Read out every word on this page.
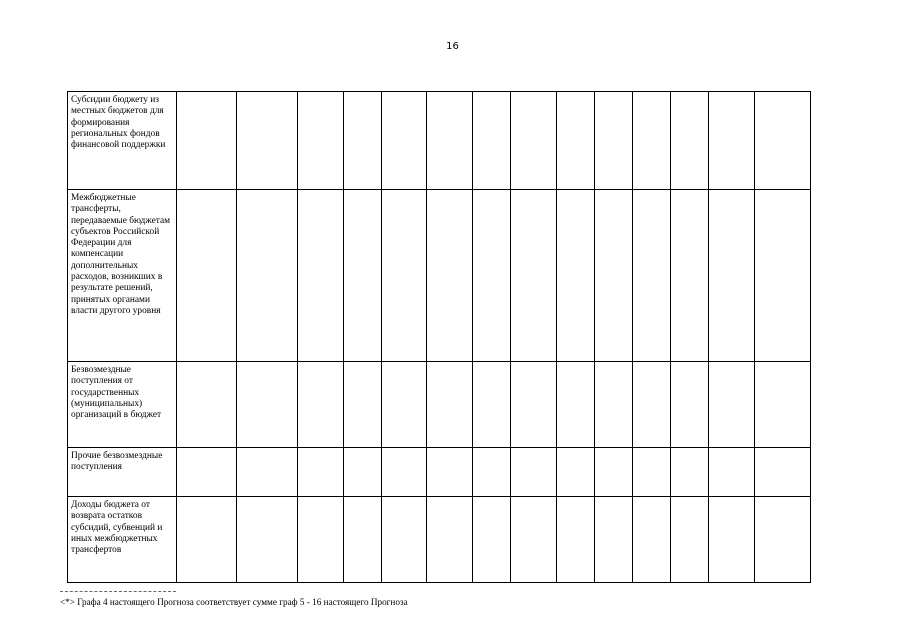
16
Субсидии бюджету из местных бюджетов для формирования региональных фондов финансовой поддержки														
Межбюджетные трансферты, передаваемые бюджетам субъектов Российской Федерации для компенсации дополнительных расходов, возникших в результате решений, принятых органами власти другого уровня														
Безвозмездные поступления от государственных (муниципальных) организаций в бюджет														
Прочие безвозмездные поступления														
Доходы бюджета от возврата остатков субсидий, субвенций и иных межбюджетных трансфертов														
<*> Графа 4 настоящего Прогноза соответствует сумме граф 5 - 16 настоящего Прогноза
